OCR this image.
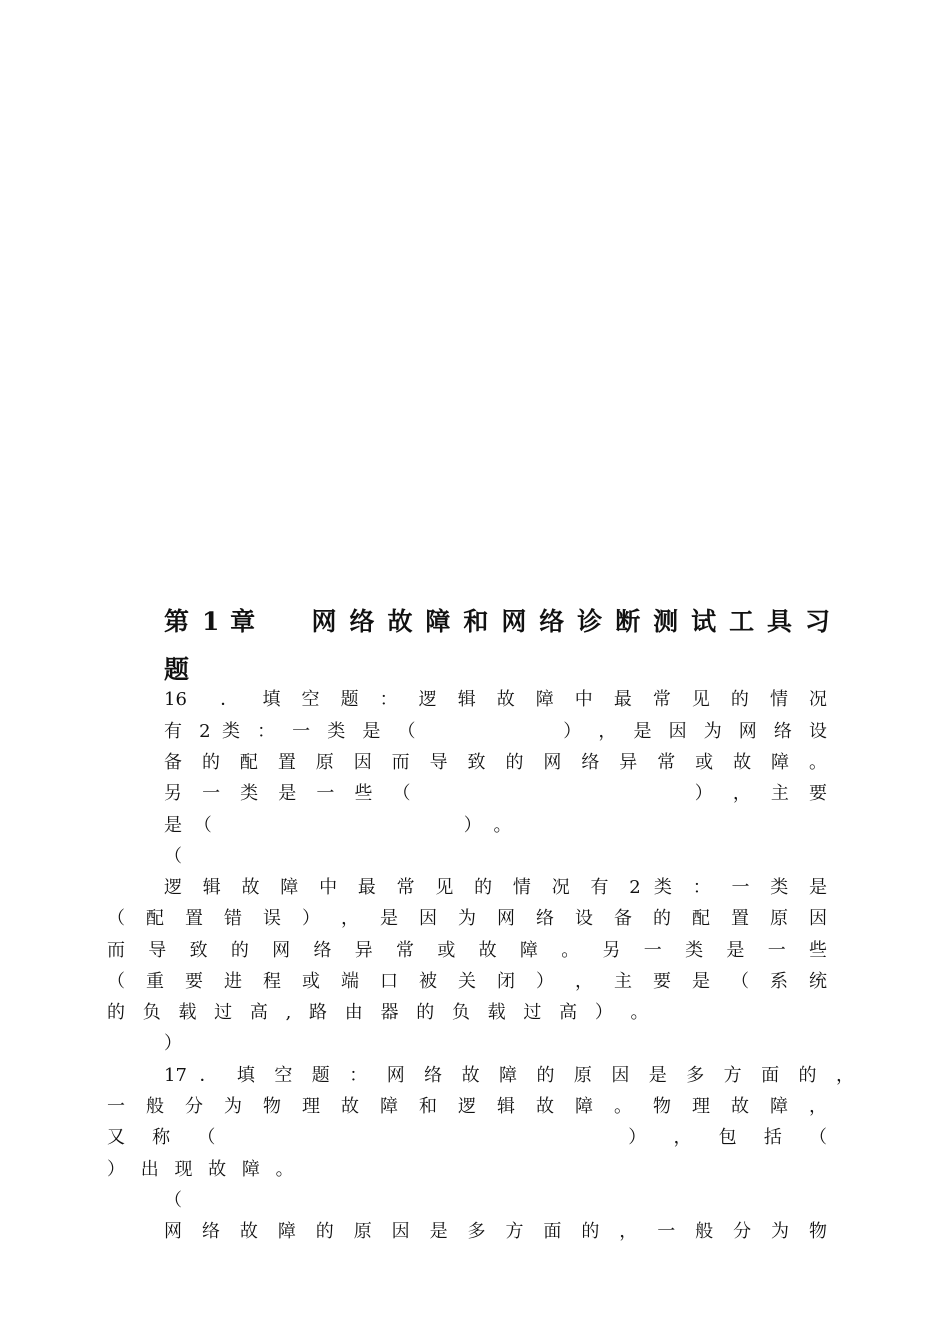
第 1 章　　网 络 故 障 和 网 络 诊 断 测 试 工 具 习
题
16　．　填 空 题 ： 逻 辑 故 障 中 最 常 见 的 情 况
有 2 类 ： 一 类 是 （　　　　　　） ， 是 因 为 网 络 设
备 的 配 置 原 因 而 导 致 的 网 络 异 常 或 故 障 。
另 一 类 是 一 些 （　　　　　　　　　　　） ， 主 要
是 （　　　　　　　　　　　　　　） 。
（
逻 辑 故 障 中 最 常 见 的 情 况 有 2 类 ： 一 类 是
（ 配 置 错 误 ） ， 是 因 为 网 络 设 备 的 配 置 原 因
而 导 致 的 网 络 异 常 或 故 障 。 另 一 类 是 一 些
（ 重 要 进 程 或 端 口 被 关 闭 ） ， 主 要 是 （ 系 统
的 负 载 过 高 , 路 由 器 的 负 载 过 高 ） 。
）
17 ． 填 空 题 ： 网 络 故 障 的 原 因 是 多 方 面 的 ，
一 般 分 为 物 理 故 障 和 逻 辑 故 障 。 物 理 故 障 ，
又 称 （　　　　　　　　　　　　　　） ， 包 括 （
） 出 现 故 障 。
（
网 络 故 障 的 原 因 是 多 方 面 的 ， 一 般 分 为 物
